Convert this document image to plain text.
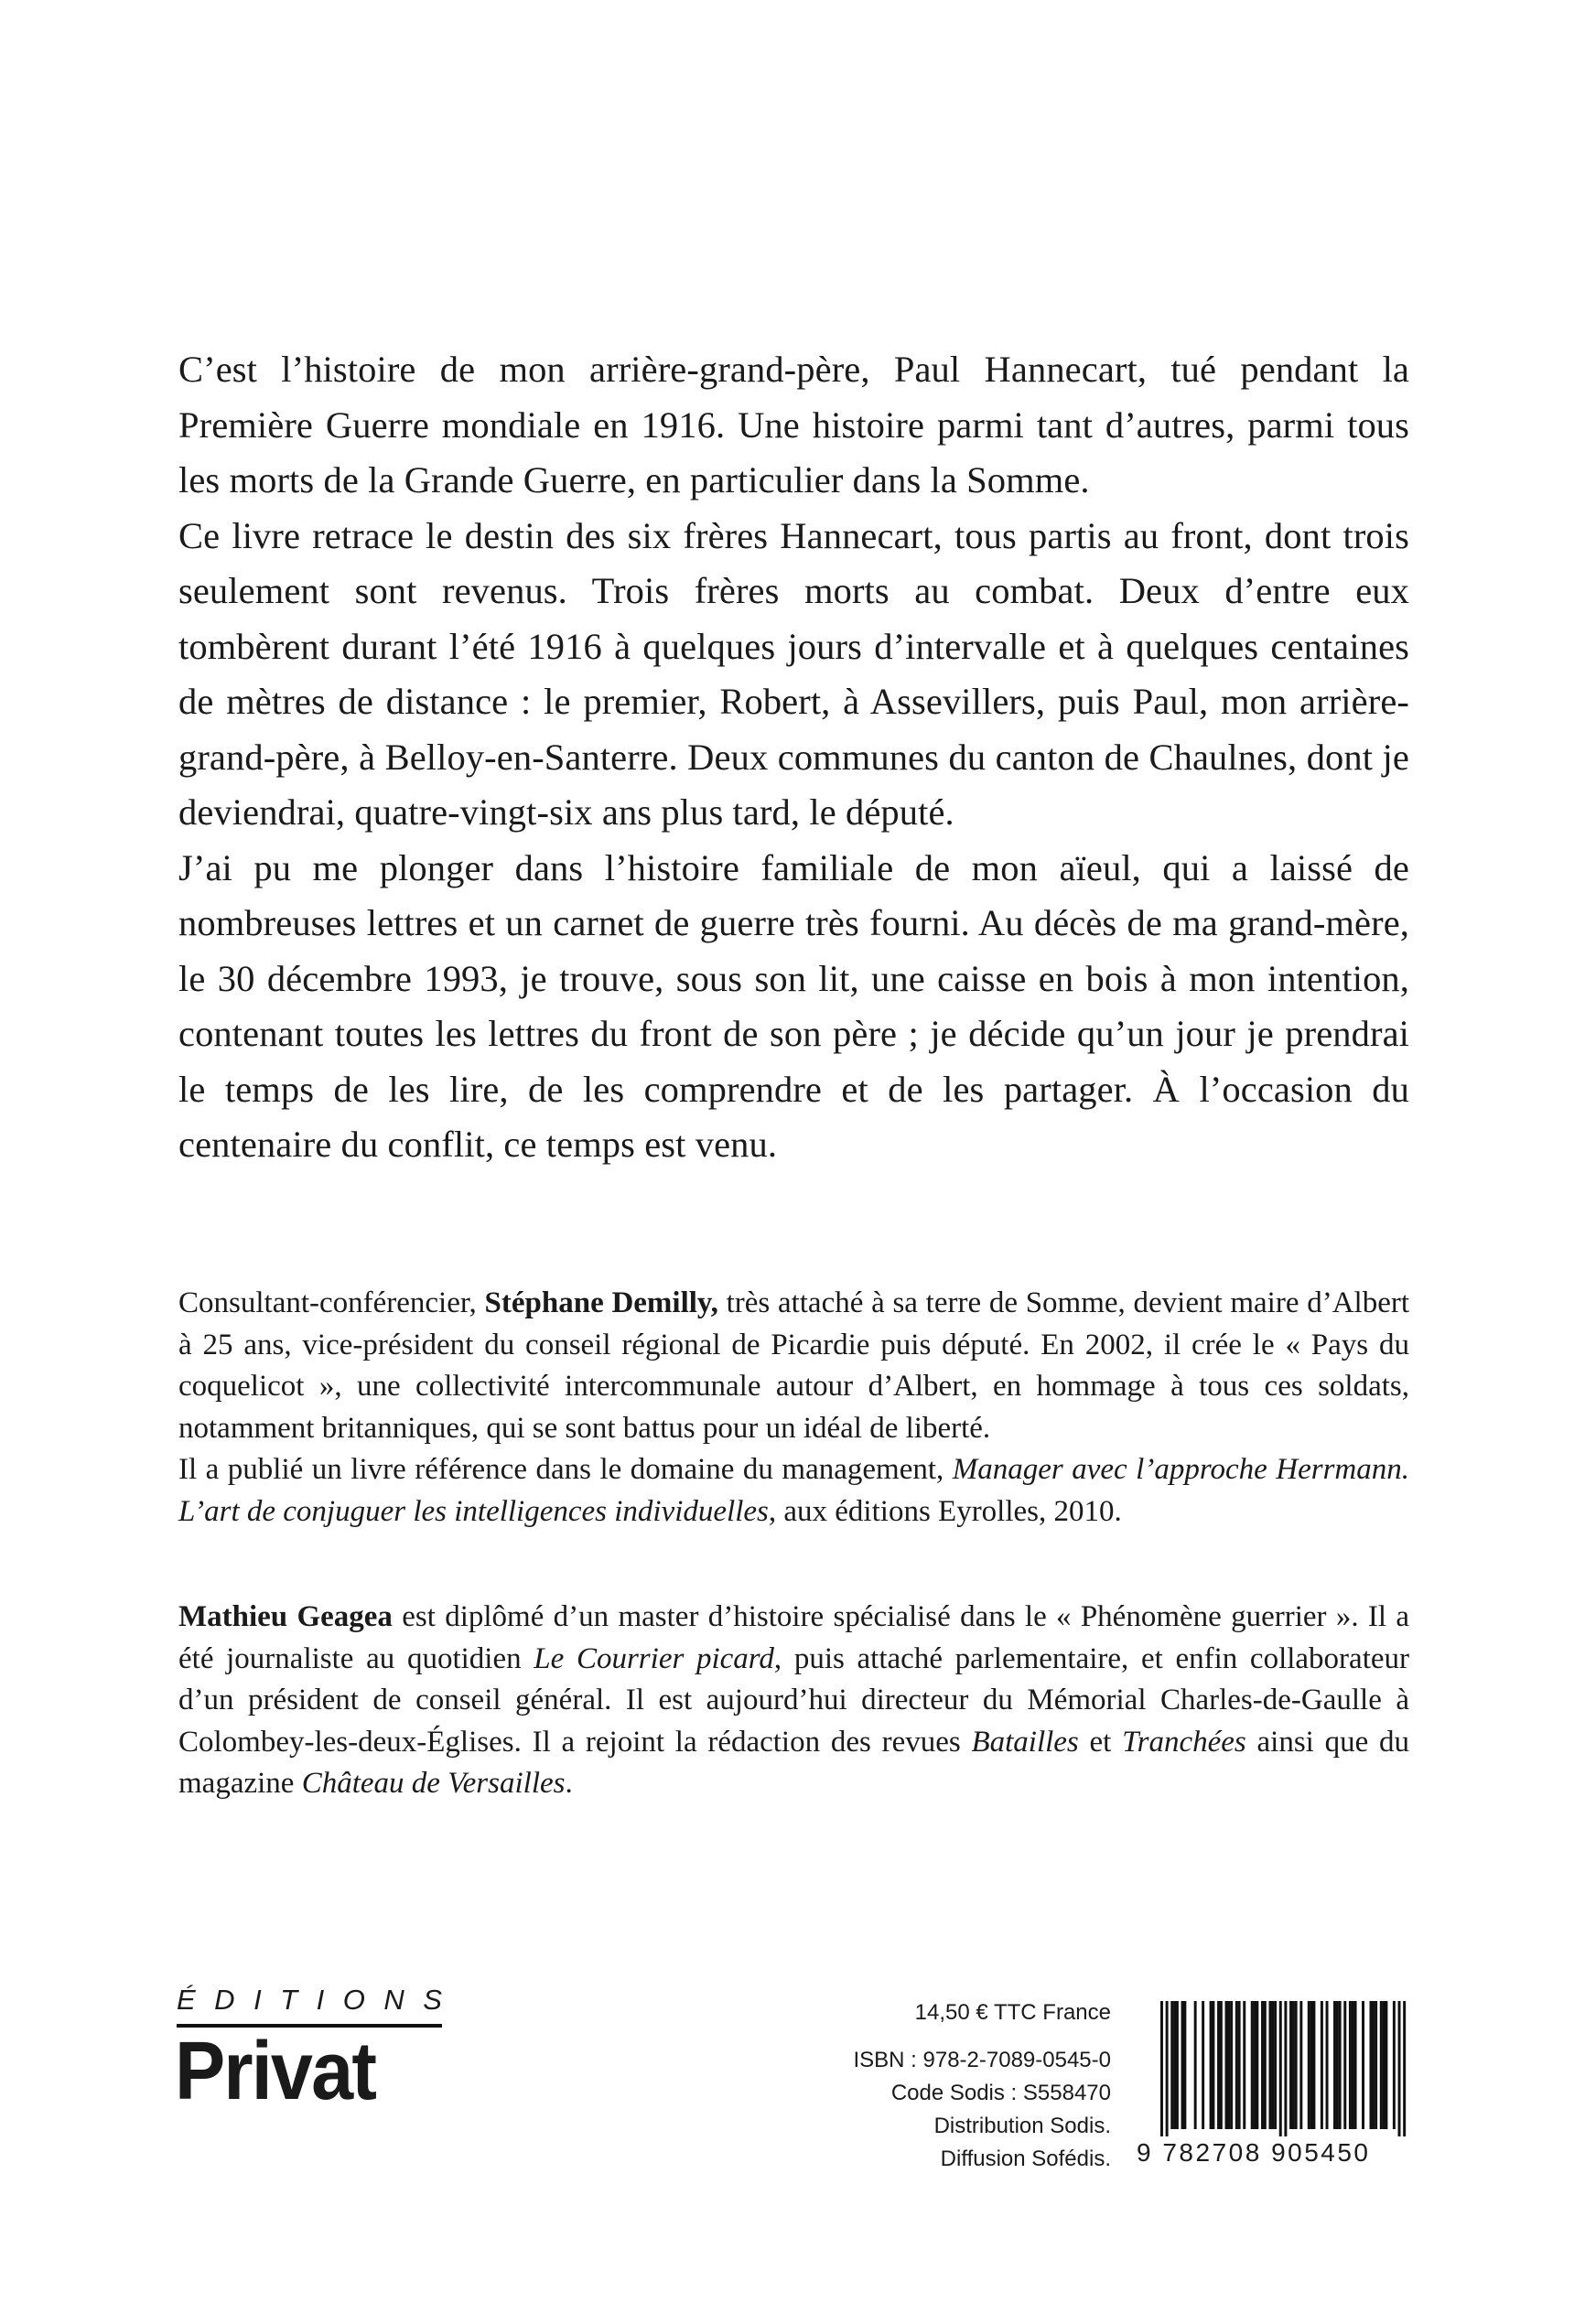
C’est l’histoire de mon arrière-grand-père, Paul Hannecart, tué pendant la Première Guerre mondiale en 1916. Une histoire parmi tant d’autres, parmi tous les morts de la Grande Guerre, en particulier dans la Somme.

Ce livre retrace le destin des six frères Hannecart, tous partis au front, dont trois seulement sont revenus. Trois frères morts au combat. Deux d’entre eux tombèrent durant l’été 1916 à quelques jours d’intervalle et à quelques centaines de mètres de distance : le premier, Robert, à Assevillers, puis Paul, mon arrière-grand-père, à Belloy-en-Santerre. Deux communes du canton de Chaulnes, dont je deviendrai, quatre-vingt-six ans plus tard, le député.

J’ai pu me plonger dans l’histoire familiale de mon aïeul, qui a laissé de nombreuses lettres et un carnet de guerre très fourni. Au décès de ma grand-mère, le 30 décembre 1993, je trouve, sous son lit, une caisse en bois à mon intention, contenant toutes les lettres du front de son père ; je décide qu’un jour je prendrai le temps de les lire, de les comprendre et de les partager. À l’occasion du centenaire du conflit, ce temps est venu.

Consultant-conférencier, Stéphane Demilly, très attaché à sa terre de Somme, devient maire d’Albert à 25 ans, vice-président du conseil régional de Picardie puis député. En 2002, il crée le « Pays du coquelicot », une collectivité intercommunale autour d’Albert, en hommage à tous ces soldats, notamment britanniques, qui se sont battus pour un idéal de liberté.

Il a publié un livre référence dans le domaine du management, Manager avec l’approche Herrmann. L’art de conjuguer les intelligences individuelles, aux éditions Eyrolles, 2010.

Mathieu Geagea est diplômé d’un master d’histoire spécialisé dans le « Phénomène guerrier ». Il a été journaliste au quotidien Le Courrier picard, puis attaché parlementaire, et enfin collaborateur d’un président de conseil général. Il est aujourd’hui directeur du Mémorial Charles-de-Gaulle à Colombey-les-deux-Églises. Il a rejoint la rédaction des revues Batailles et Tranchées ainsi que du magazine Château de Versailles.

ÉDITIONS
Privat
14,50 € TTC France
ISBN : 978-2-7089-0545-0
Code Sodis : S558470
Distribution Sodis.
Diffusion Sofédis. 9 782708 905450
